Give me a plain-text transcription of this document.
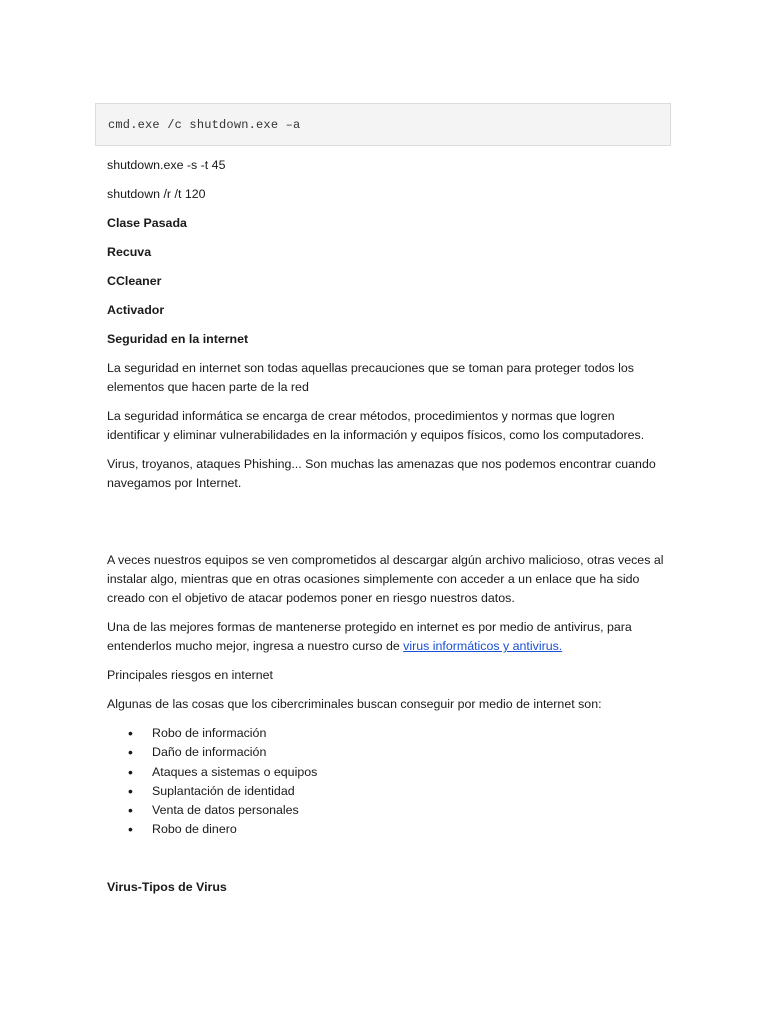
cmd.exe /c shutdown.exe –a

shutdown.exe -s -t 45

shutdown /r /t 120

Clase Pasada

Recuva

CCleaner

Activador

Seguridad en la internet

La seguridad en internet son todas aquellas precauciones que se toman para proteger todos los elementos que hacen parte de la red

La seguridad informática se encarga de crear métodos, procedimientos y normas que logren identificar y eliminar vulnerabilidades en la información y equipos físicos, como los computadores.

Virus, troyanos, ataques Phishing... Son muchas las amenazas que nos podemos encontrar cuando navegamos por Internet.

A veces nuestros equipos se ven comprometidos al descargar algún archivo malicioso, otras veces al instalar algo, mientras que en otras ocasiones simplemente con acceder a un enlace que ha sido creado con el objetivo de atacar podemos poner en riesgo nuestros datos.

Una de las mejores formas de mantenerse protegido en internet es por medio de antivirus, para entenderlos mucho mejor, ingresa a nuestro curso de virus informáticos y antivirus.

Principales riesgos en internet

Algunas de las cosas que los cibercriminales buscan conseguir por medio de internet son:

• Robo de información
• Daño de información
• Ataques a sistemas o equipos
• Suplantación de identidad
• Venta de datos personales
• Robo de dinero

Virus-Tipos de Virus
